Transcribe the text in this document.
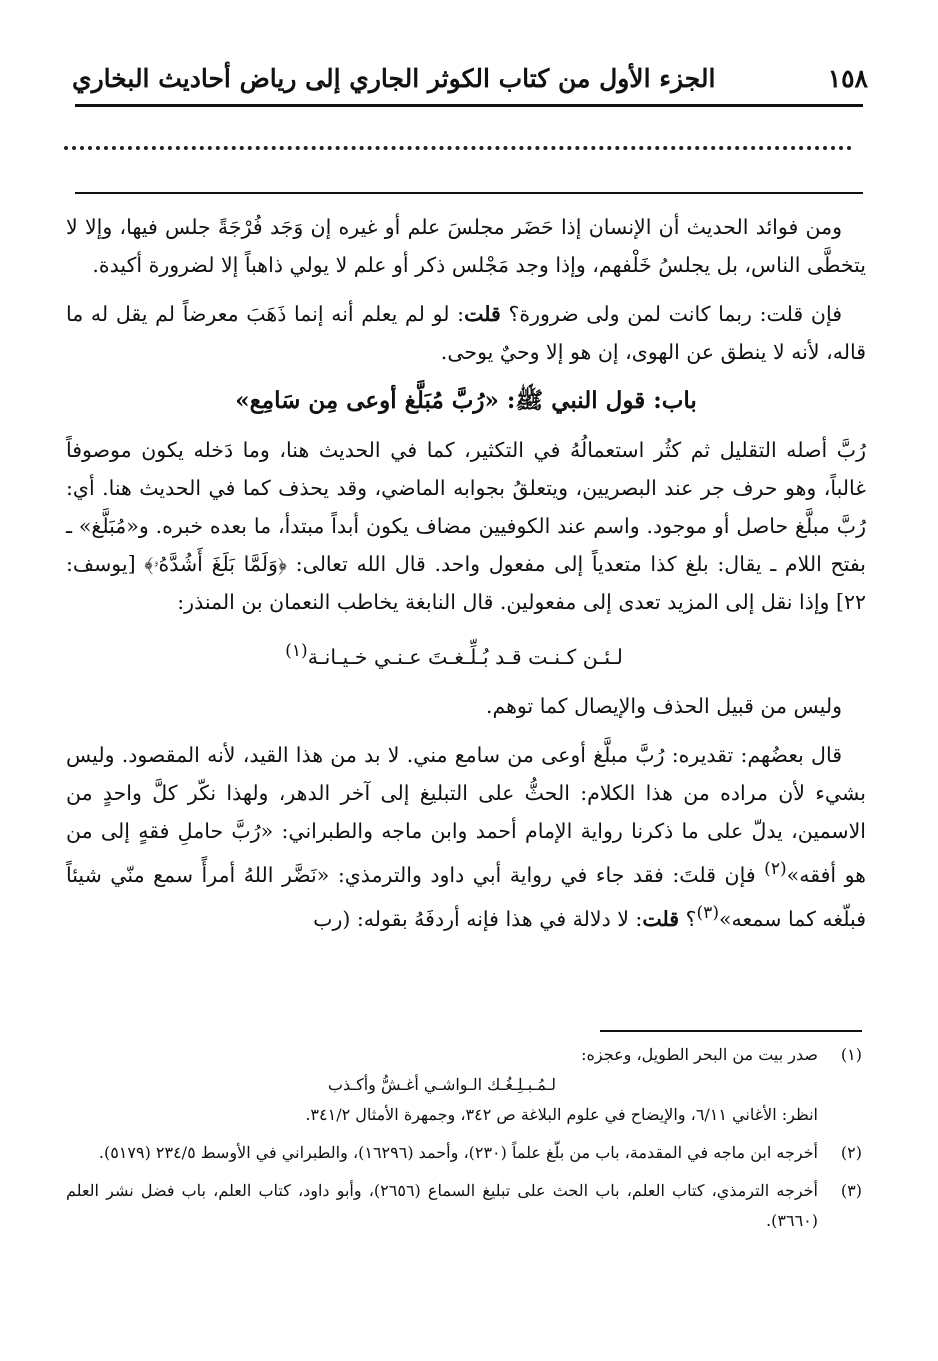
١٥٨
الجزء الأول من كتاب الكوثر الجاري إلى رياض أحاديث البخاري

ومن فوائد الحديث أن الإنسان إذا حَضَر مجلسَ علم أو غيره إن وَجَد فُرْجَةً جلس فيها، وإلا لا يتخطَّى الناس، بل يجلسُ خَلْفهم، وإذا وجد مَجْلس ذكر أو علم لا يولي ذاهباً إلا لضرورة أكيدة.

فإن قلت: ربما كانت لمن ولى ضرورة؟ قلت: لو لم يعلم أنه إنما ذَهَبَ معرضاً لم يقل له ما قاله، لأنه لا ينطق عن الهوى، إن هو إلا وحيٌ يوحى.

باب: قول النبي ﷺ: «رُبَّ مُبَلَّغ أوعى مِن سَامِع»

رُبَّ أصله التقليل ثم كثُر استعمالُهُ في التكثير، كما في الحديث هنا، وما دَخله يكون موصوفاً غالباً، وهو حرف جر عند البصريين، ويتعلقُ بجوابه الماضي، وقد يحذف كما في الحديث هنا. أي: رُبَّ مبلَّغ حاصل أو موجود. واسم عند الكوفيين مضاف يكون أبداً مبتدأ، ما بعده خبره. و«مُبَلَّغ» ـ بفتح اللام ـ يقال: بلغ كذا متعدياً إلى مفعول واحد. قال الله تعالى: ﴿وَلَمَّا بَلَغَ أَشُدَّهُۥ﴾ [يوسف: ٢٢] وإذا نقل إلى المزيد تعدى إلى مفعولين. قال النابغة يخاطب النعمان بن المنذر:

لـئـن كـنـت قـد بُـلِّـغـتَ عـنـي خـيـانـة$^{(١)}$

وليس من قبيل الحذف والإيصال كما توهم.

قال بعضُهم: تقديره: رُبَّ مبلَّغ أوعى من سامع مني. لا بد من هذا القيد، لأنه المقصود. وليس بشيء لأن مراده من هذا الكلام: الحثُّ على التبليغ إلى آخر الدهر، ولهذا نكّر كلَّ واحدٍ من الاسمين، يدلّ على ما ذكرنا رواية الإمام أحمد وابن ماجه والطبراني: «رُبَّ حاملِ فقهٍ إلى من هو أفقه»$^{(٢)}$ فإن قلتَ: فقد جاء في رواية أبي داود والترمذي: «نَضَّر اللهُ أمرأً سمع منّي شيئاً فبلّغه كما سمعه»$^{(٣)}$؟ قلت: لا دلالة في هذا فإنه أردفَهُ بقوله: (رب

(١)
صدر بيت من البحر الطويل، وعجزه:
لـمُـبـلِـغُـك الـواشـي أغـشُّ وأكـذب
انظر: الأغاني ٦/١١، والإيضاح في علوم البلاغة ص ٣٤٢، وجمهرة الأمثال ٣٤١/٢.
(٢)
أخرجه ابن ماجه في المقدمة، باب من بلّغ علماً (٢٣٠)، وأحمد (١٦٢٩٦)، والطبراني في الأوسط ٢٣٤/٥ (٥١٧٩).
(٣)
أخرجه الترمذي، كتاب العلم، باب الحث على تبليغ السماع (٢٦٥٦)، وأبو داود، كتاب العلم، باب فضل نشر العلم (٣٦٦٠).
